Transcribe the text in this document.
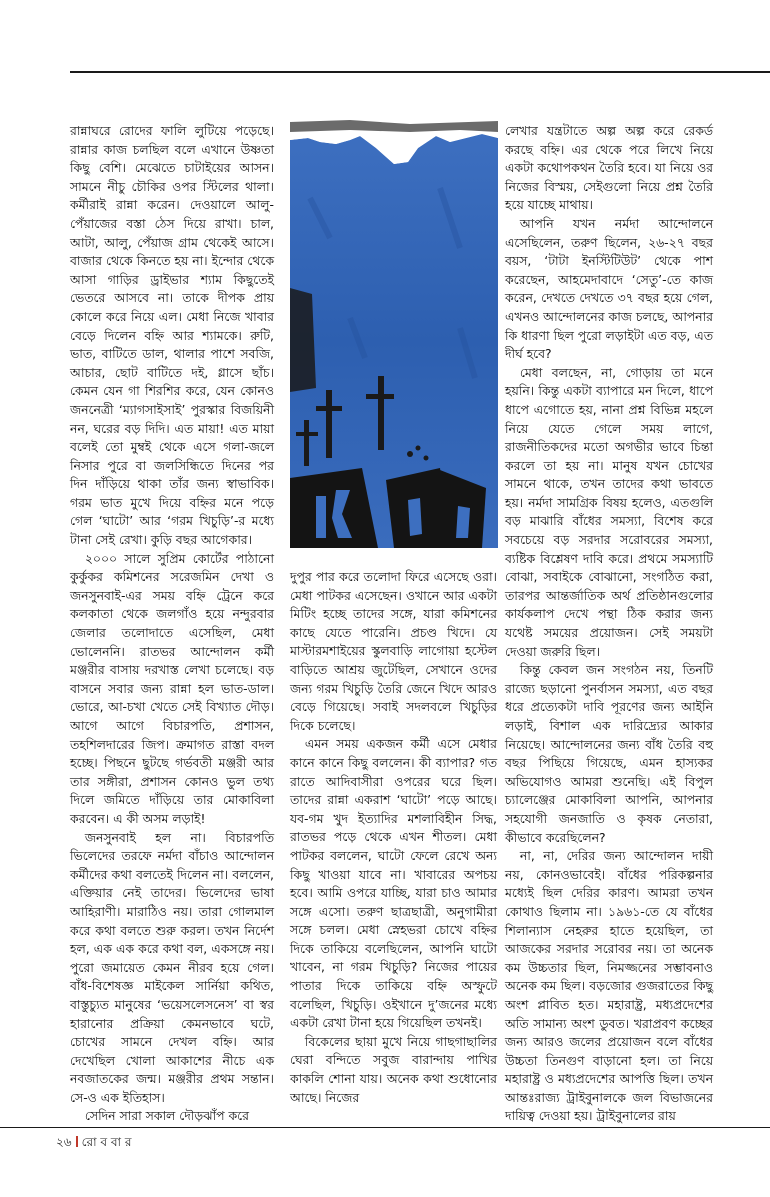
রান্নাঘরে রোদের ফালি লুটিয়ে পড়েছে। রান্নার কাজ চলছিল বলে এখানে উষ্ণতা কিছু বেশি। মেঝেতে চাটাইয়ের আসন। সামনে নীচু চৌকির ওপর স্টিলের থালা। কর্মীরাই রান্না করেন। দেওয়ালে আলু-পেঁয়াজের বস্তা ঠেস দিয়ে রাখা। চাল, আটা, আলু, পেঁয়াজ গ্রাম থেকেই আসে। বাজার থেকে কিনতে হয় না। ইন্দোর থেকে আসা গাড়ির ড্রাইভার শ্যাম কিছুতেই ভেতরে আসবে না। তাকে দীপক প্রায় কোলে করে নিয়ে এল। মেধা নিজে খাবার বেড়ে দিলেন বহ্নি আর শ্যামকে। রুটি, ভাত, বাটিতে ডাল, থালার পাশে সবজি, আচার, ছোট বাটিতে দই, গ্লাসে ছাঁচ। কেমন যেন গা শিরশির করে, যেন কোনও জননেত্রী ‘ম্যাগসাইসাই’ পুরস্কার বিজয়িনী নন, ঘরের বড় দিদি। এত মায়া! এত মায়া বলেই তো মুম্বই থেকে এসে গলা-জলে নিসার পুরে বা জলসিন্ধিতে দিনের পর দিন দাঁড়িয়ে থাকা তাঁর জন্য স্বাভাবিক। গরম ভাত মুখে দিয়ে বহ্নির মনে পড়ে গেল ‘ঘাটো’ আর ‘গরম খিচুড়ি’-র মধ্যে টানা সেই রেখা। কুড়ি বছর আগেকার।

২০০০ সালে সুপ্রিম কোর্টের পাঠানো কুর্কুকর কমিশনের সরেজমিন দেখা ও জনসুনবাই-এর সময় বহ্নি ট্রেনে করে কলকাতা থেকে জলগাঁও হয়ে নন্দুরবার জেলার তলোদাতে এসেছিল, মেধা ভোলেননি। রাতভর আন্দোলন কর্মী মঞ্জরীর বাসায় দরখাস্ত লেখা চলেছে। বড় বাসনে সবার জন্য রান্না হল ভাত-ডাল। ভোরে, আ-চখা খেতে সেই বিখ্যাত দৌড়। আগে আগে বিচারপতি, প্রশাসন, তহশিলদারের জিপ। ক্রমাগত রাস্তা বদল হচ্ছে। পিছনে ছুটছে গর্ভবতী মঞ্জরী আর তার সঙ্গীরা, প্রশাসন কোনও ভুল তথ্য দিলে জমিতে দাঁড়িয়ে তার মোকাবিলা করবেন। এ কী অসম লড়াই!

জনসুনবাই হল না। বিচারপতি ভিলেদের তরফে নর্মদা বাঁচাও আন্দোলন কর্মীদের কথা বলতেই দিলেন না। বললেন, এক্তিয়ার নেই তাদের। ভিলেদের ভাষা আহিরাণী। মারাঠিও নয়। তারা গোলমাল করে কথা বলতে শুরু করল। তখন নির্দেশ হল, এক এক করে কথা বল, একসঙ্গে নয়। পুরো জমায়েত কেমন নীরব হয়ে গেল। বাঁধ-বিশেষজ্ঞ মাইকেল সার্নিয়া কথিত, বাস্তুচ্যুত মানুষের ‘ভয়েসলেসনেস’ বা স্বর হারানোর প্রক্রিয়া কেমনভাবে ঘটে, চোখের সামনে দেখল বহ্নি। আর দেখেছিল খোলা আকাশের নীচে এক নবজাতকের জন্ম। মঞ্জরীর প্রথম সন্তান। সে-ও এক ইতিহাস।

সেদিন সারা সকাল দৌড়ঝাঁপ করে

দুপুর পার করে তলোদা ফিরে এসেছে ওরা। মেধা পাটকর এসেছেন। ওখানে আর একটা মিটিং হচ্ছে তাদের সঙ্গে, যারা কমিশনের কাছে যেতে পারেনি। প্রচণ্ড খিদে। যে মাস্টারমশাইয়ের স্কুলবাড়ি লাগোয়া হস্টেল বাড়িতে আশ্রয় জুটেছিল, সেখানে ওদের জন্য গরম খিচুড়ি তৈরি জেনে খিদে আরও বেড়ে গিয়েছে। সবাই সদলবলে খিচুড়ির দিকে চলেছে।

এমন সময় একজন কর্মী এসে মেধার কানে কানে কিছু বললেন। কী ব্যাপার? গত রাতে আদিবাসীরা ওপরের ঘরে ছিল। তাদের রান্না একরাশ ‘ঘাটো’ পড়ে আছে। যব-গম খুদ ইত্যাদির মশলাবিহীন সিদ্ধ, রাতভর পড়ে থেকে এখন শীতল। মেধা পাটকর বললেন, ঘাটো ফেলে রেখে অন্য কিছু খাওয়া যাবে না। খাবারের অপচয় হবে। আমি ওপরে যাচ্ছি, যারা চাও আমার সঙ্গে এসো। তরুণ ছাত্রছাত্রী, অনুগামীরা সঙ্গে চলল। মেধা স্নেহভরা চোখে বহ্নির দিকে তাকিয়ে বলেছিলেন, আপনি ঘাটো খাবেন, না গরম খিচুড়ি? নিজের পায়ের পাতার দিকে তাকিয়ে বহ্নি অস্ফুটে বলেছিল, খিচুড়ি। ওইখানে দু’জনের মধ্যে একটা রেখা টানা হয়ে গিয়েছিল তখনই।

বিকেলের ছায়া মুখে নিয়ে গাছগাছালির ঘেরা বন্দিতে সবুজ বারান্দায় পাখির কাকলি শোনা যায়। অনেক কথা শুধোনোর আছে। নিজের

লেখার যন্ত্রটাতে অল্প অল্প করে রেকর্ড করছে বহ্নি। এর থেকে পরে লিখে নিয়ে একটা কথোপকথন তৈরি হবে। যা নিয়ে ওর নিজের বিস্ময়, সেইগুলো নিয়ে প্রশ্ন তৈরি হয়ে যাচ্ছে মাথায়।

আপনি যখন নর্মদা আন্দোলনে এসেছিলেন, তরুণ ছিলেন, ২৬-২৭ বছর বয়স, ‘টাটা ইনস্টিটিউট’ থেকে পাশ করেছেন, আহমেদাবাদে ‘সেতু’-তে কাজ করেন, দেখতে দেখতে ৩৭ বছর হয়ে গেল, এখনও আন্দোলনের কাজ চলছে, আপনার কি ধারণা ছিল পুরো লড়াইটা এত বড়, এত দীর্ঘ হবে?

মেধা বলছেন, না, গোড়ায় তা মনে হয়নি। কিন্তু একটা ব্যাপারে মন দিলে, ধাপে ধাপে এগোতে হয়, নানা প্রশ্ন বিভিন্ন মহলে নিয়ে যেতে গেলে সময় লাগে, রাজনীতিকদের মতো অগভীর ভাবে চিন্তা করলে তা হয় না। মানুষ যখন চোখের সামনে থাকে, তখন তাদের কথা ভাবতে হয়। নর্মদা সামগ্রিক বিষয় হলেও, এতগুলি বড় মাঝারি বাঁধের সমস্যা, বিশেষ করে সবচেয়ে বড় সরদার সরোবরের সমস্যা, ব্যষ্টিক বিশ্লেষণ দাবি করে। প্রথমে সমস্যাটি বোঝা, সবাইকে বোঝানো, সংগঠিত করা, তারপর আন্তর্জাতিক অর্থ প্রতিষ্ঠানগুলোর কার্যকলাপ দেখে পন্থা ঠিক করার জন্য যথেষ্ট সময়ের প্রয়োজন। সেই সময়টা দেওয়া জরুরি ছিল।

কিন্তু কেবল জন সংগঠন নয়, তিনটি রাজ্যে ছড়ানো পুনর্বাসন সমস্যা, এত বছর ধরে প্রত্যেকটা দাবি পূরণের জন্য আইনি লড়াই, বিশাল এক দারিদ্র্যের আকার নিয়েছে। আন্দোলনের জন্য বাঁধ তৈরি বহু বছর পিছিয়ে গিয়েছে, এমন হাস্যকর অভিযোগও আমরা শুনেছি। এই বিপুল চ্যালেঞ্জের মোকাবিলা আপনি, আপনার সহযোগী জনজাতি ও কৃষক নেতারা, কীভাবে করেছিলেন?

না, না, দেরির জন্য আন্দোলন দায়ী নয়, কোনওভাবেই। বাঁধের পরিকল্পনার মধ্যেই ছিল দেরির কারণ। আমরা তখন কোথাও ছিলাম না। ১৯৬১-তে যে বাঁধের শিলান্যাস নেহরুর হাতে হয়েছিল, তা আজকের সরদার সরোবর নয়। তা অনেক কম উচ্চতার ছিল, নিমজ্জনের সম্ভাবনাও অনেক কম ছিল। বড়জোর গুজরাতের কিছু অংশ প্লাবিত হত। মহারাষ্ট্র, মধ্যপ্রদেশের অতি সামান্য অংশ ডুবত। খরাপ্রবণ কচ্ছের জন্য আরও জলের প্রয়োজন বলে বাঁধের উচ্চতা তিনগুণ বাড়ানো হল। তা নিয়ে মহারাষ্ট্র ও মধ্যপ্রদেশের আপত্তি ছিল। তখন আন্তঃরাজ্য ট্রাইবুনালকে জল বিভাজনের দায়িত্ব দেওয়া হয়। ট্রাইবুনালের রায়

২৬ রো ব বা র
